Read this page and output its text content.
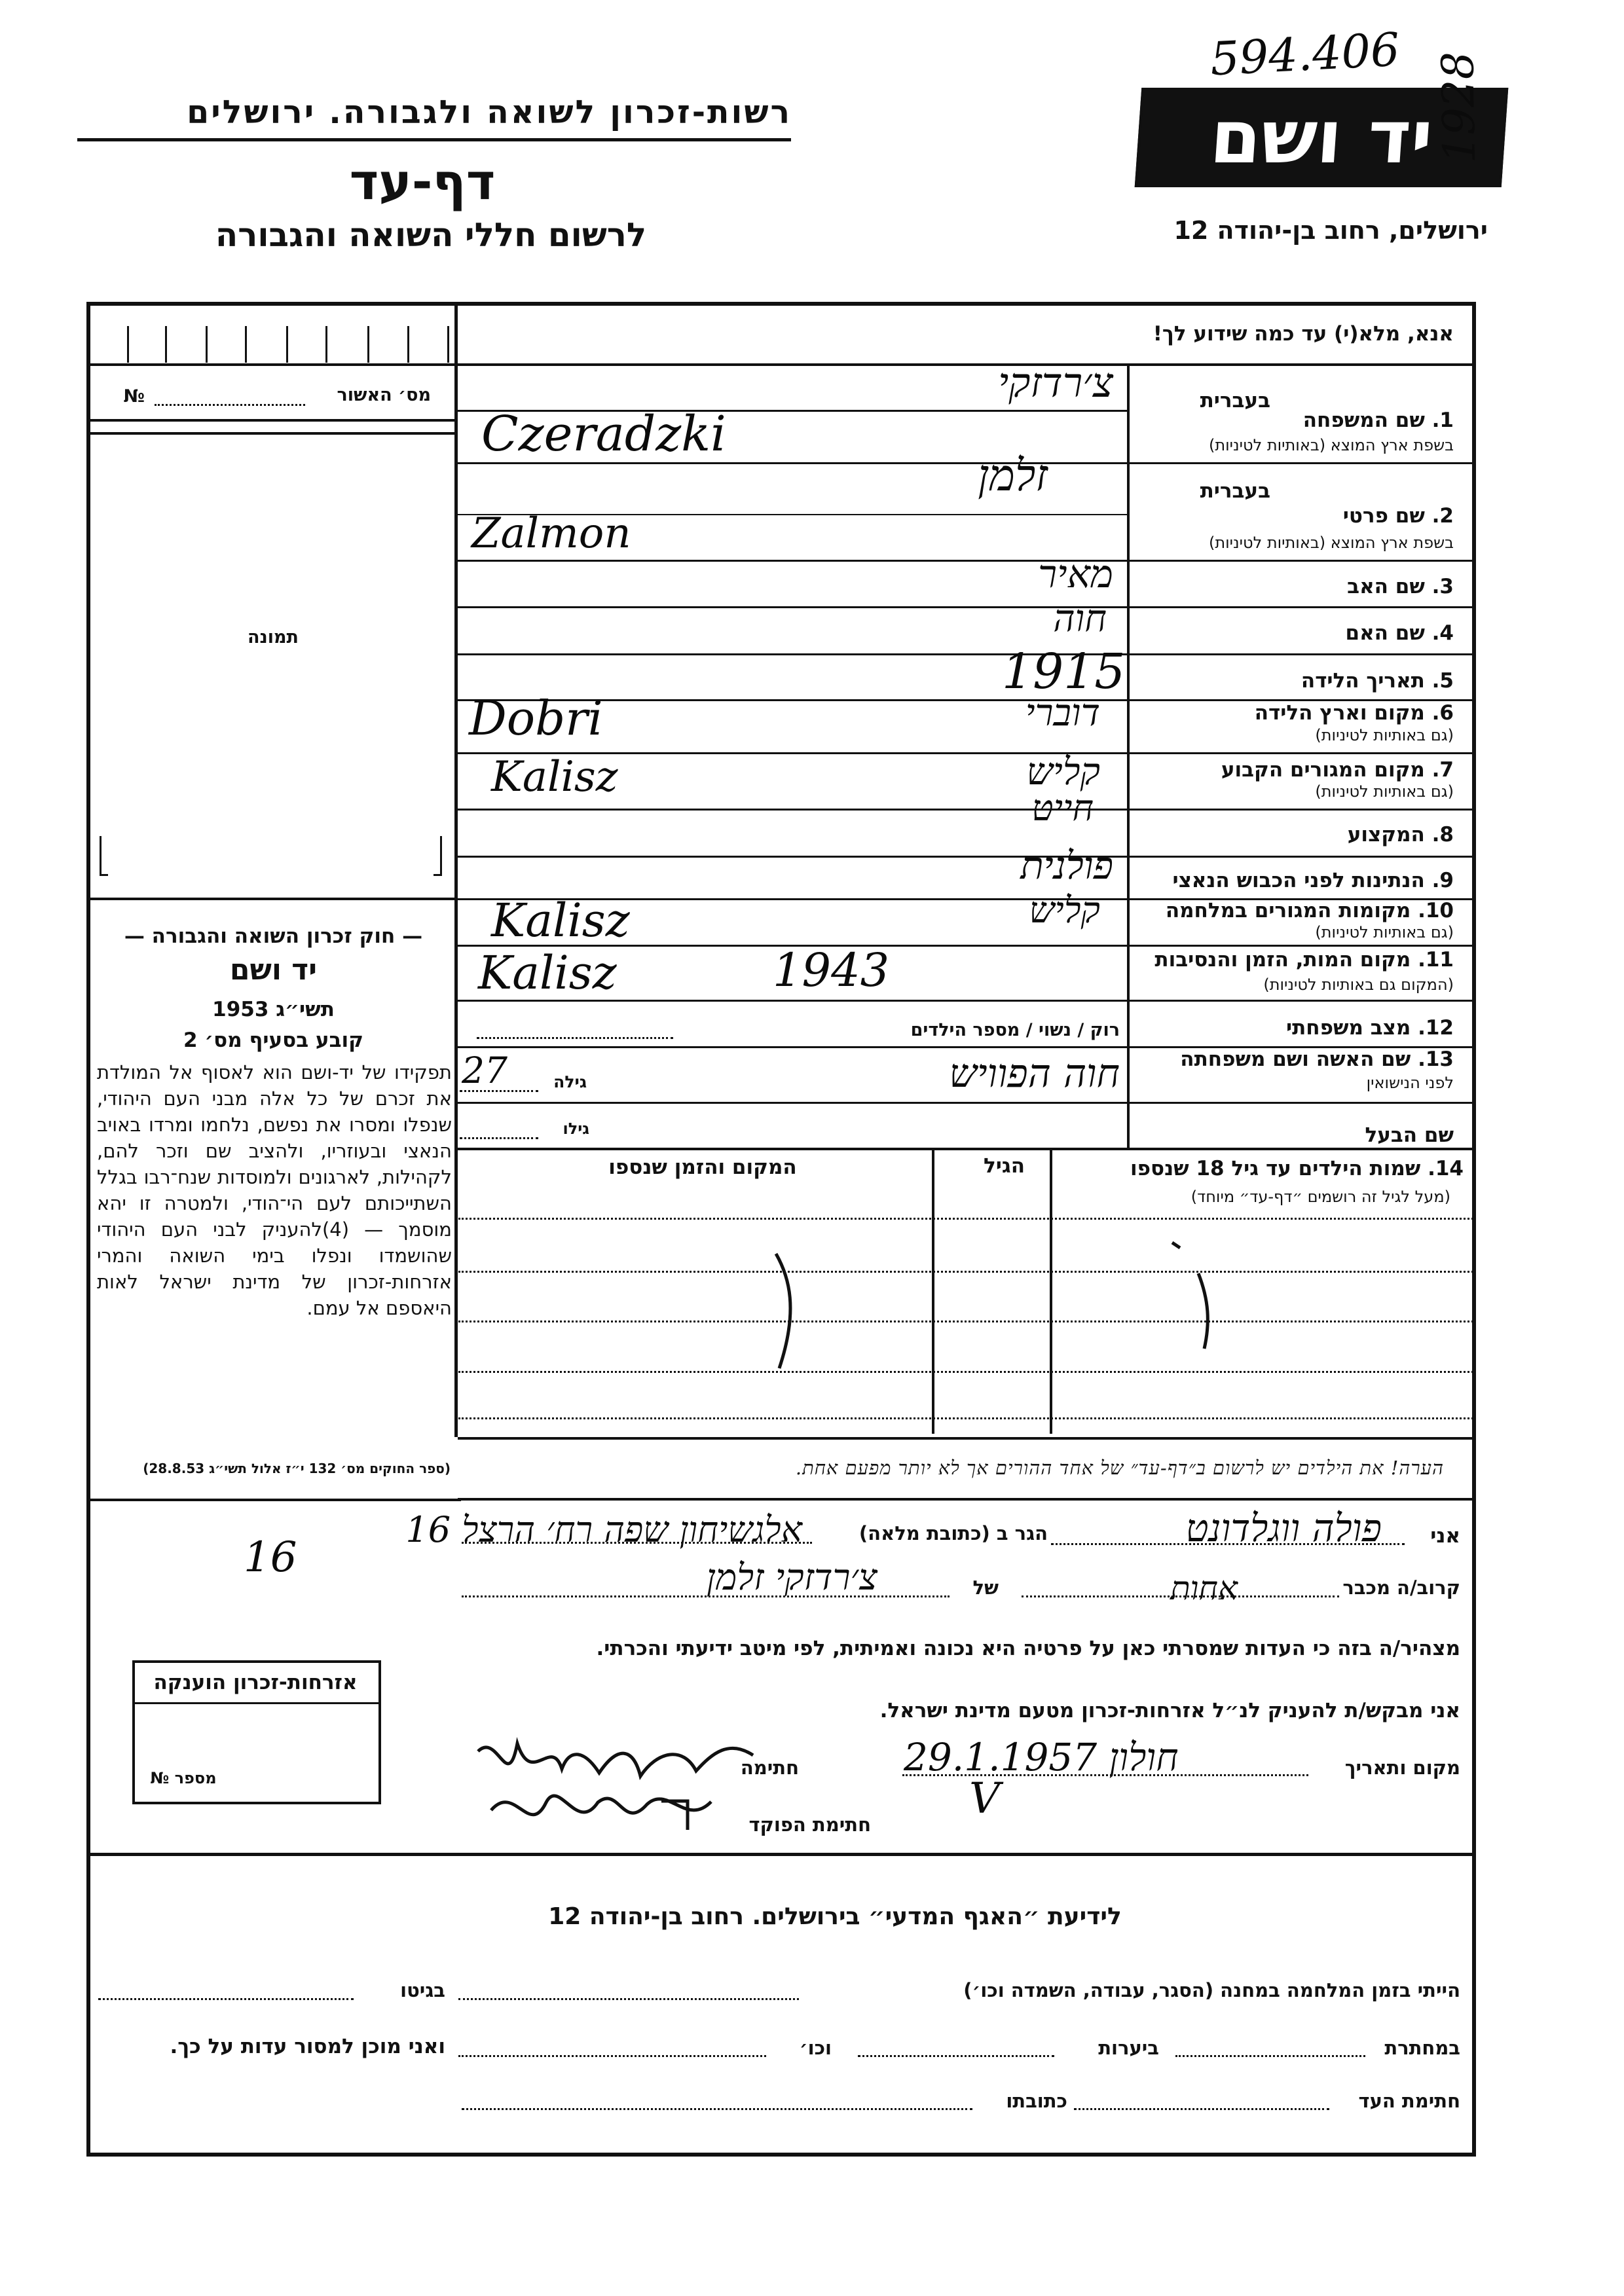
594.406
רשות-זכרון לשואה ולגבורה. ירושלים
דף-עד
לרשום חללי השואה והגבורה
יד ושם
ירושלים, רחוב בן-יהודה 12
1928
מס׳ האשור
№
תמונה
— חוק זכרון השואה והגבורה —
יד ושם
תשי״ג 1953
קובע בסעיף מס׳ 2
תפקידו של יד-ושם הוא לאסוף אל המולדת את זכרם של כל אלה מבני העם היהודי, שנפלו ומסרו את נפשם, נלחמו ומרדו באויב הנאצי ובעוזריו, ולהציב שם וזכר להם, לקהילות, לארגונים ולמוסדות שנח־רבו בגלל השתייכותם לעם הי־הודי, ולמטרה זו יהא מוסמך — (4)להעניק לבני העם היהודי שהושמדו ונפלו בימי השואה והמרי אזרחות-זכרון של מדינת ישראל לאות היאספם אל עמם.
(ספר החוקים מס׳ 132 י״ז אלול תשי״ג 28.8.53)
אנא, מלא(י) עד כמה שידוע לך!
בעברית
1. שם המשפחה
בשפת ארץ המוצא (באותיות לטיניות)
בעברית
2. שם פרטי
בשפת ארץ המוצא (באותיות לטיניות)
3. שם האב
4. שם האם
5. תאריך הלידה
6. מקום וארץ הלידה
(גם באותיות לטיניות)
7. מקום המגורים הקבוע
(גם באותיות לטיניות)
8. המקצוע
9. הנתינות לפני הכבוש הנאצי
10. מקומות המגורים במלחמה
(גם באותיות לטיניות)
11. מקום המות, הזמן והנסיבות
(המקום גם באותיות לטיניות)
12. מצב משפחתי
13. שם האשה ושם משפחתה
לפני הנישואין
שם הבעל
צ׳רדזקי
Czeradzki
זלמן
Zalmon
מאיר
חוה
1915
דוברי
Dobri
קליש
Kalisz
חייט
פולנית
קליש
Kalisz
Kalisz	1943
רוק / נשוי / מספר הילדים
חוה הפוויש
גילה
27
גילו
14. שמות הילדים עד גיל 18 שנספו
(מעל לגיל זה רושמים ״דף-עד״ מיוחד)
הגיל
המקום והזמן שנספו
הערה! את הילדים יש לרשום ב״דף-עד״ של אחד ההורים אך לא יותר מפעם אחת.
אני
פולה ווגלדונט
הגר ב (כתובת מלאה)
אלגשיחון שפה רח׳ הרצל 16
16
קרוב/ה מכבר
אחות
של
צ׳רדזקי זלמן
מצהיר/ה בזה כי העדות שמסרתי כאן על פרטיה היא נכונה ואמיתית, לפי מיטב ידיעתי והכרתי.
אני מבקש/ת להעניק לנ״ל אזרחות-זכרון מטעם מדינת ישראל.
מקום ותאריך
חולון 29.1.1957
חתימה
חתימת הפוקד
V
אזרחות-זכרון הוענקה
מספר №
לידיעת ״האגף המדעי״ בירושלים. רחוב בן-יהודה 12
הייתי בזמן המלחמה במחנה (הסגר, עבודה, השמדה וכו׳)
בגיטו
במחתרת
ביערות
וכו׳
ואני מוכן למסור עדות על כך.
חתימת העד
כתובתו
